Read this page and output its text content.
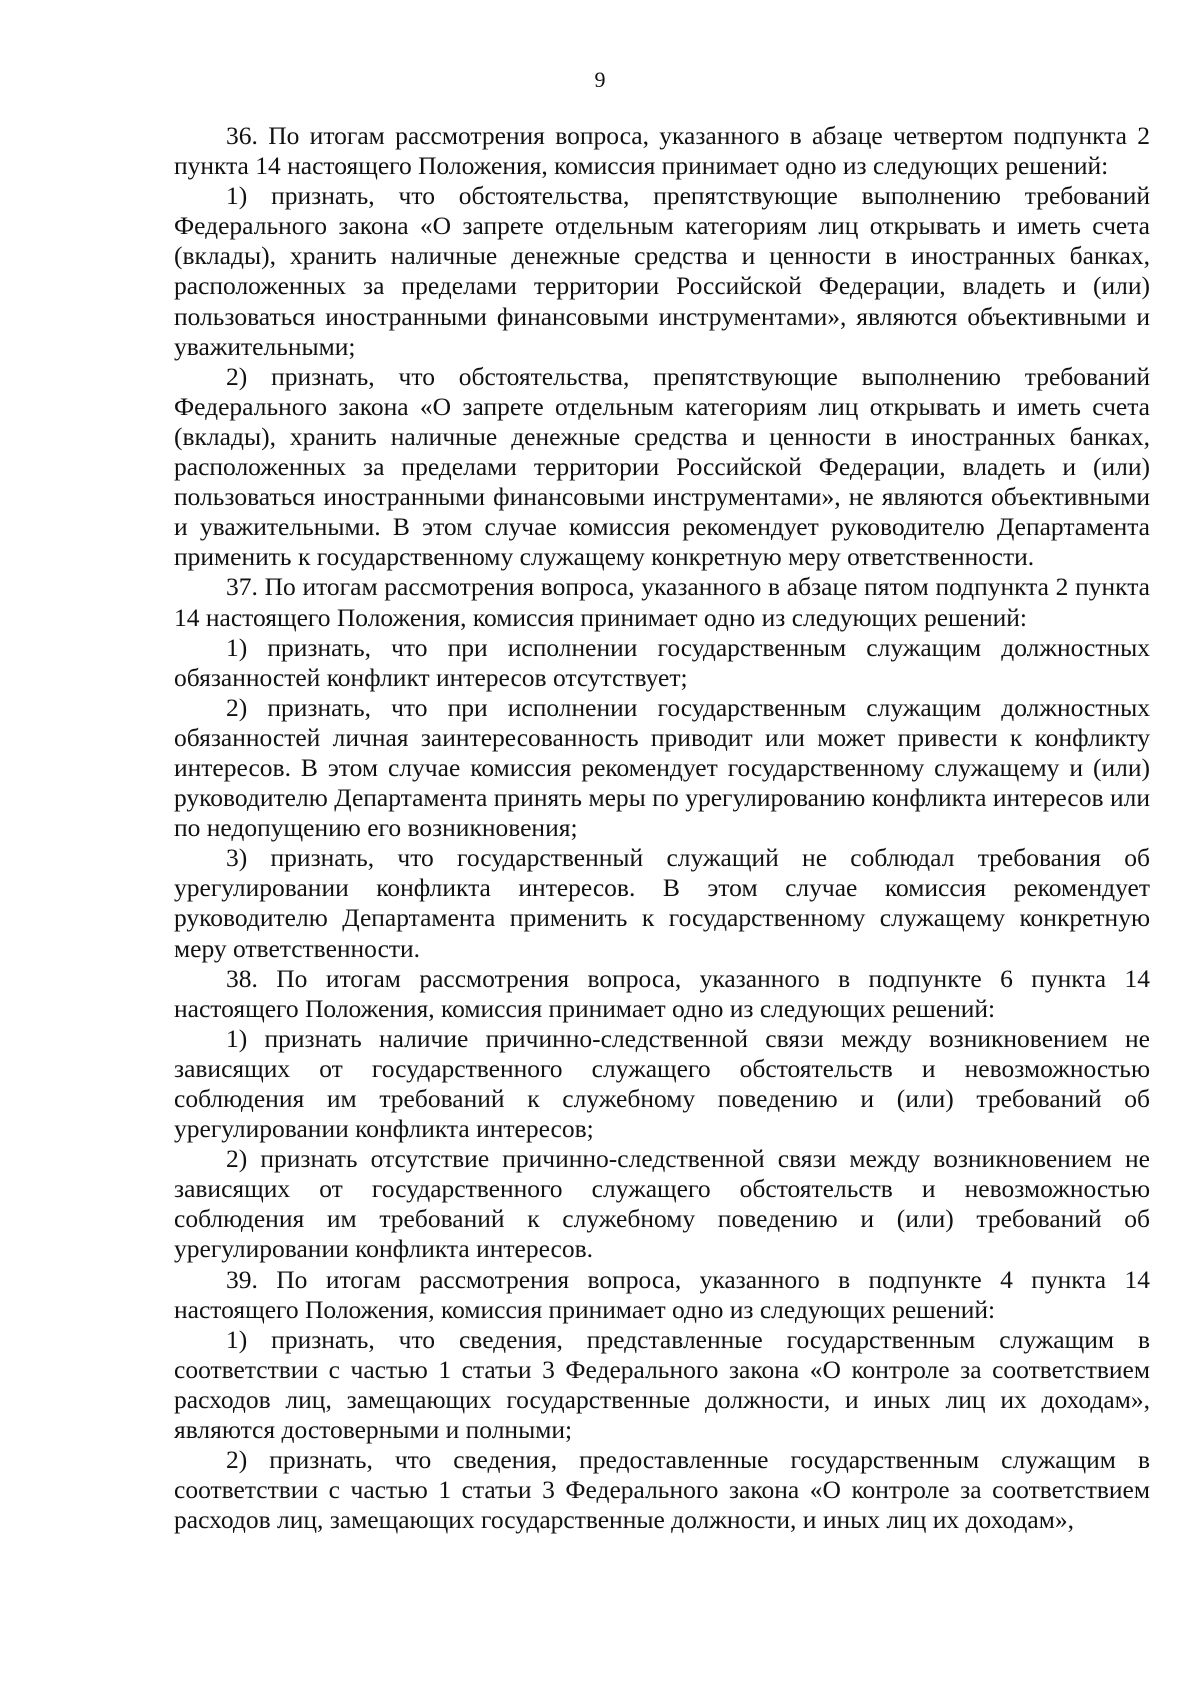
9

36. По итогам рассмотрения вопроса, указанного в абзаце четвертом подпункта 2 пункта 14 настоящего Положения, комиссия принимает одно из следующих решений:

1) признать, что обстоятельства, препятствующие выполнению требований Федерального закона «О запрете отдельным категориям лиц открывать и иметь счета (вклады), хранить наличные денежные средства и ценности в иностранных банках, расположенных за пределами территории Российской Федерации, владеть и (или) пользоваться иностранными финансовыми инструментами», являются объективными и уважительными;

2) признать, что обстоятельства, препятствующие выполнению требований Федерального закона «О запрете отдельным категориям лиц открывать и иметь счета (вклады), хранить наличные денежные средства и ценности в иностранных банках, расположенных за пределами территории Российской Федерации, владеть и (или) пользоваться иностранными финансовыми инструментами», не являются объективными и уважительными. В этом случае комиссия рекомендует руководителю Департамента применить к государственному служащему конкретную меру ответственности.

37. По итогам рассмотрения вопроса, указанного в абзаце пятом подпункта 2 пункта 14 настоящего Положения, комиссия принимает одно из следующих решений:

1) признать, что при исполнении государственным служащим должностных обязанностей конфликт интересов отсутствует;

2) признать, что при исполнении государственным служащим должностных обязанностей личная заинтересованность приводит или может привести к конфликту интересов. В этом случае комиссия рекомендует государственному служащему и (или) руководителю Департамента принять меры по урегулированию конфликта интересов или по недопущению его возникновения;

3) признать, что государственный служащий не соблюдал требования об урегулировании конфликта интересов. В этом случае комиссия рекомендует руководителю Департамента применить к государственному служащему конкретную меру ответственности.

38. По итогам рассмотрения вопроса, указанного в подпункте 6 пункта 14 настоящего Положения, комиссия принимает одно из следующих решений:

1) признать наличие причинно-следственной связи между возникновением не зависящих от государственного служащего обстоятельств и невозможностью соблюдения им требований к служебному поведению и (или) требований об урегулировании конфликта интересов;

2) признать отсутствие причинно-следственной связи между возникновением не зависящих от государственного служащего обстоятельств и невозможностью соблюдения им требований к служебному поведению и (или) требований об урегулировании конфликта интересов.

39. По итогам рассмотрения вопроса, указанного в подпункте 4 пункта 14 настоящего Положения, комиссия принимает одно из следующих решений:

1) признать, что сведения, представленные государственным служащим в соответствии с частью 1 статьи 3 Федерального закона «О контроле за соответствием расходов лиц, замещающих государственные должности, и иных лиц их доходам», являются достоверными и полными;

2) признать, что сведения, предоставленные государственным служащим в соответствии с частью 1 статьи 3 Федерального закона «О контроле за соответствием расходов лиц, замещающих государственные должности, и иных лиц их доходам»,
